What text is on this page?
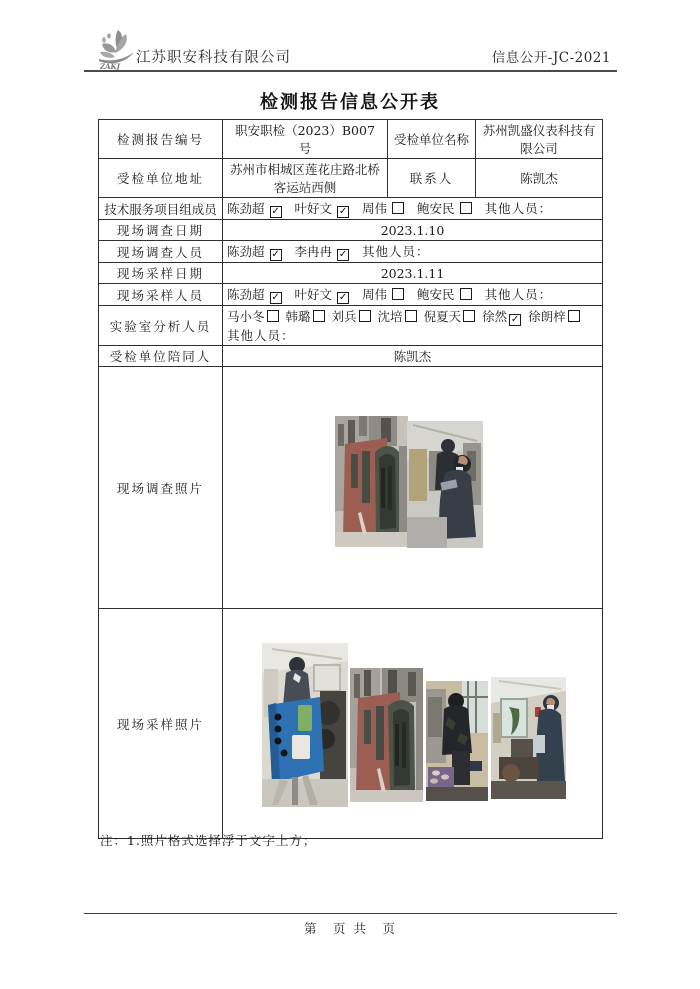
ZAKJ
江苏职安科技有限公司	信息公开-JC-2021
检测报告信息公开表
检测报告编号	职安职检（2023）B007 号	受检单位名称	苏州凯盛仪表科技有限公司
受检单位地址	苏州市相城区莲花庄路北桥客运站西侧	联系人	陈凯杰
技术服务项目组成员	陈劲超 ✓ 叶好文 ✓ 周伟 鲍安民 其他人员：		
现场调查日期	2023.1.10		
现场调查人员	陈劲超 ✓ 李冉冉 ✓ 其他人员：		
现场采样日期	2023.1.11		
现场采样人员	陈劲超 ✓ 叶好文 ✓ 周伟 鲍安民 其他人员：		
实验室分析人员	马小冬 韩璐 刘兵 沈培 倪夏天 徐然 ✓ 徐朗梓
其他人员：		

受检单位陪同人	陈凯杰		
现场调查照片	

现场采样照片	
注：1.照片格式选择浮于文字上方；
第　页 共　页
